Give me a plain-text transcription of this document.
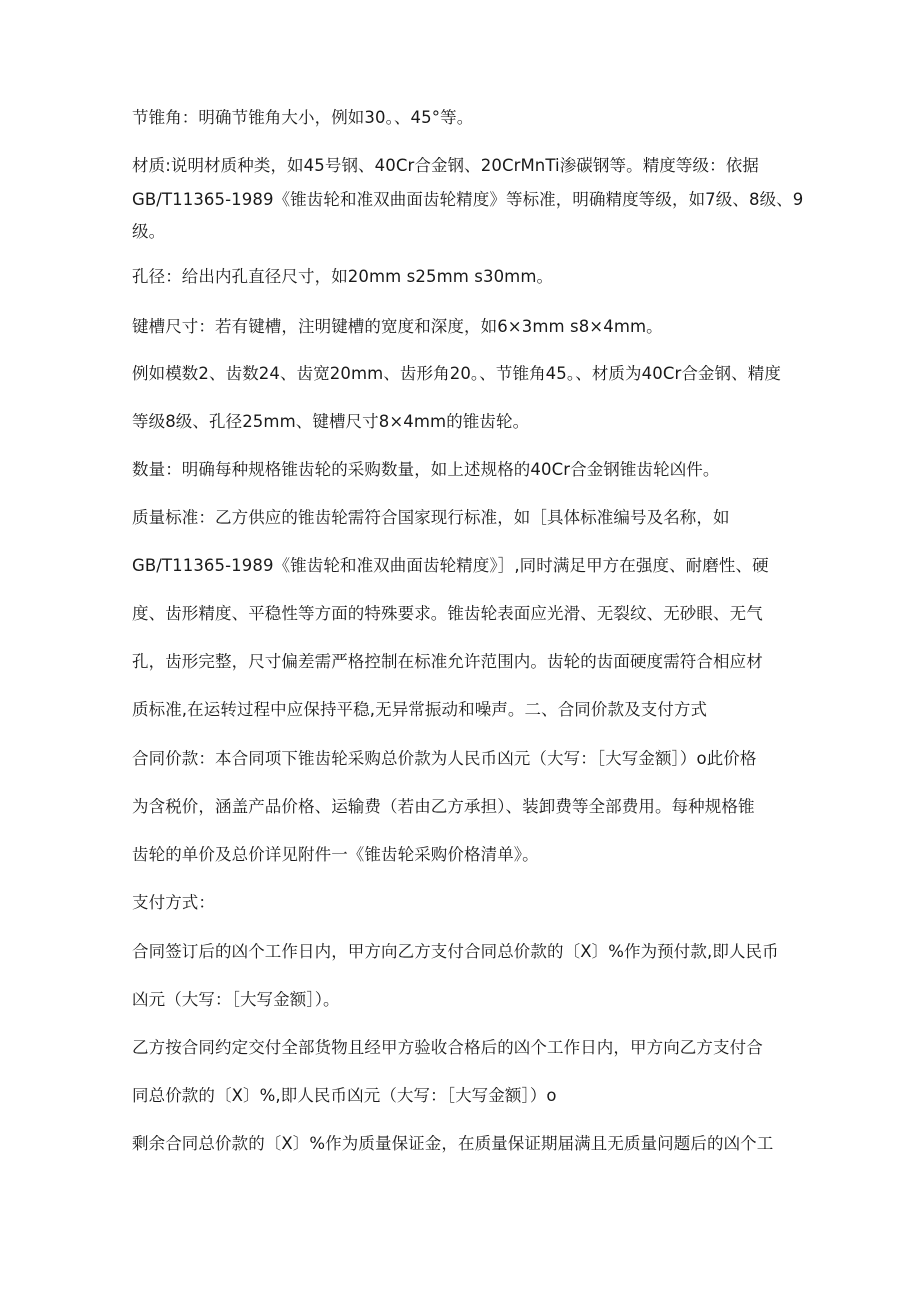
节锥角：明确节锥角大小，例如30。、45°等。

材质:说明材质种类，如45号钢、40Cr合金钢、20CrMnTi渗碳钢等。精度等级：依据

GB/T11365-1989《锥齿轮和准双曲面齿轮精度》等标准，明确精度等级，如7级、8级、9

级。

孔径：给出内孔直径尺寸，如20mm s25mm s30mm。

键槽尺寸：若有键槽，注明键槽的宽度和深度，如6×3mm s8×4mm。

例如模数2、齿数24、齿宽20mm、齿形角20。、节锥角45。、材质为40Cr合金钢、精度

等级8级、孔径25mm、键槽尺寸8×4mm的锥齿轮。

数量：明确每种规格锥齿轮的采购数量，如上述规格的40Cr合金钢锥齿轮凶件。

质量标准：乙方供应的锥齿轮需符合国家现行标准，如［具体标准编号及名称，如

GB/T11365-1989《锥齿轮和准双曲面齿轮精度》］,同时满足甲方在强度、耐磨性、硬

度、齿形精度、平稳性等方面的特殊要求。锥齿轮表面应光滑、无裂纹、无砂眼、无气

孔，齿形完整，尺寸偏差需严格控制在标准允许范围内。齿轮的齿面硬度需符合相应材

质标准,在运转过程中应保持平稳,无异常振动和噪声。二、合同价款及支付方式

合同价款：本合同项下锥齿轮采购总价款为人民币凶元（大写：［大写金额］）o此价格

为含税价，涵盖产品价格、运输费（若由乙方承担）、装卸费等全部费用。每种规格锥

齿轮的单价及总价详见附件一《锥齿轮采购价格清单》。

支付方式：

合同签订后的凶个工作日内，甲方向乙方支付合同总价款的〔X〕%作为预付款,即人民币

凶元（大写：［大写金额］）。

乙方按合同约定交付全部货物且经甲方验收合格后的凶个工作日内，甲方向乙方支付合

同总价款的〔X〕%,即人民币凶元（大写：［大写金额］）o

剩余合同总价款的〔X〕%作为质量保证金，在质量保证期届满且无质量问题后的凶个工
